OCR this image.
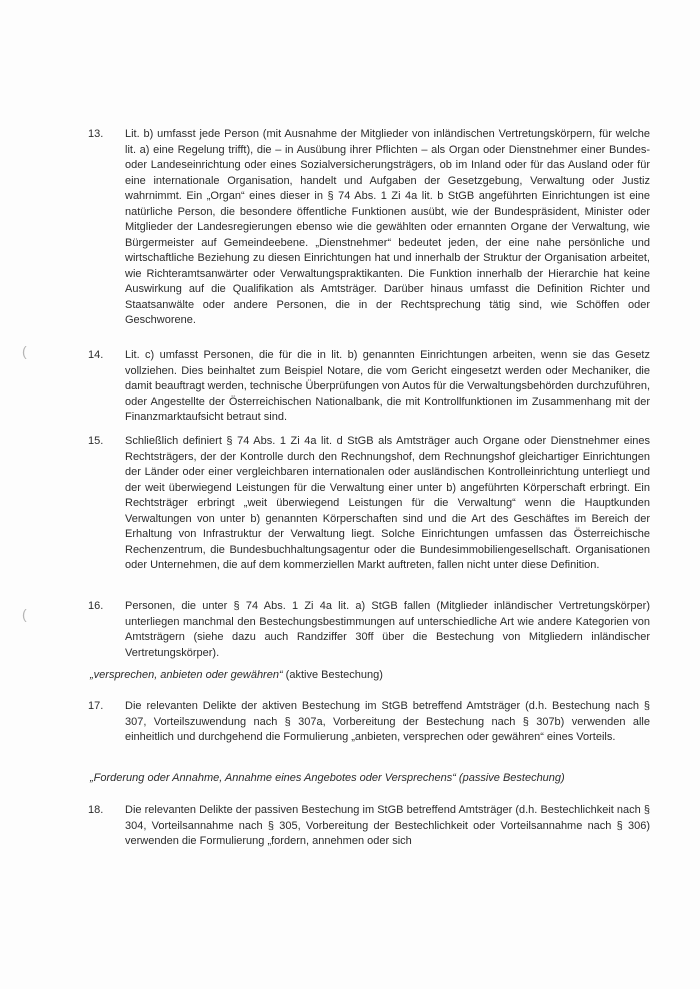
(
(
13.	Lit. b) umfasst jede Person (mit Ausnahme der Mitglieder von inländischen Vertretungskörpern, für welche lit. a) eine Regelung trifft), die – in Ausübung ihrer Pflichten – als Organ oder Dienstnehmer einer Bundes- oder Landeseinrichtung oder eines Sozialversicherungsträgers, ob im Inland oder für das Ausland oder für eine internationale Organisation, handelt und Aufgaben der Gesetzgebung, Verwaltung oder Justiz wahrnimmt. Ein „Organ“ eines dieser in § 74 Abs. 1 Zi 4a lit. b StGB angeführten Einrichtungen ist eine natürliche Person, die besondere öffentliche Funktionen ausübt, wie der Bundespräsident, Minister oder Mitglieder der Landesregierungen ebenso wie die gewählten oder ernannten Organe der Verwaltung, wie Bürgermeister auf Gemeindeebene. „Dienstnehmer“ bedeutet jeden, der eine nahe persönliche und wirtschaftliche Beziehung zu diesen Einrichtungen hat und innerhalb der Struktur der Organisation arbeitet, wie Richteramtsanwärter oder Verwaltungspraktikanten. Die Funktion innerhalb der Hierarchie hat keine Auswirkung auf die Qualifikation als Amtsträger. Darüber hinaus umfasst die Definition Richter und Staatsanwälte oder andere Personen, die in der Rechtsprechung tätig sind, wie Schöffen oder Geschworene.
14.	Lit. c) umfasst Personen, die für die in lit. b) genannten Einrichtungen arbeiten, wenn sie das Gesetz vollziehen. Dies beinhaltet zum Beispiel Notare, die vom Gericht eingesetzt werden oder Mechaniker, die damit beauftragt werden, technische Überprüfungen von Autos für die Verwaltungsbehörden durchzuführen, oder Angestellte der Österreichischen Nationalbank, die mit Kontrollfunktionen im Zusammenhang mit der Finanzmarktaufsicht betraut sind.
15.	Schließlich definiert § 74 Abs. 1 Zi 4a lit. d StGB als Amtsträger auch Organe oder Dienstnehmer eines Rechtsträgers, der der Kontrolle durch den Rechnungshof, dem Rechnungshof gleichartiger Einrichtungen der Länder oder einer vergleichbaren internationalen oder ausländischen Kontrolleinrichtung unterliegt und der weit überwiegend Leistungen für die Verwaltung einer unter b) angeführten Körperschaft erbringt. Ein Rechtsträger erbringt „weit überwiegend Leistungen für die Verwaltung“ wenn die Hauptkunden Verwaltungen von unter b) genannten Körperschaften sind und die Art des Geschäftes im Bereich der Erhaltung von Infrastruktur der Verwaltung liegt. Solche Einrichtungen umfassen das Österreichische Rechenzentrum, die Bundesbuchhaltungsagentur oder die Bundesimmobiliengesellschaft. Organisationen oder Unternehmen, die auf dem kommerziellen Markt auftreten, fallen nicht unter diese Definition.
16.	Personen, die unter § 74 Abs. 1 Zi 4a lit. a) StGB fallen (Mitglieder inländischer Vertretungskörper) unterliegen manchmal den Bestechungsbestimmungen auf unterschiedliche Art wie andere Kategorien von Amtsträgern (siehe dazu auch Randziffer 30ff über die Bestechung von Mitgliedern inländischer Vertretungskörper).
„versprechen, anbieten oder gewähren“ (aktive Bestechung)
17.	Die relevanten Delikte der aktiven Bestechung im StGB betreffend Amtsträger (d.h. Bestechung nach § 307, Vorteilszuwendung nach § 307a, Vorbereitung der Bestechung nach § 307b) verwenden alle einheitlich und durchgehend die Formulierung „anbieten, versprechen oder gewähren“ eines Vorteils.
„Forderung oder Annahme, Annahme eines Angebotes oder Versprechens“ (passive Bestechung)
18.	Die relevanten Delikte der passiven Bestechung im StGB betreffend Amtsträger (d.h. Bestechlichkeit nach § 304, Vorteilsannahme nach § 305, Vorbereitung der Bestechlichkeit oder Vorteilsannahme nach § 306) verwenden die Formulierung „fordern, annehmen oder sich
